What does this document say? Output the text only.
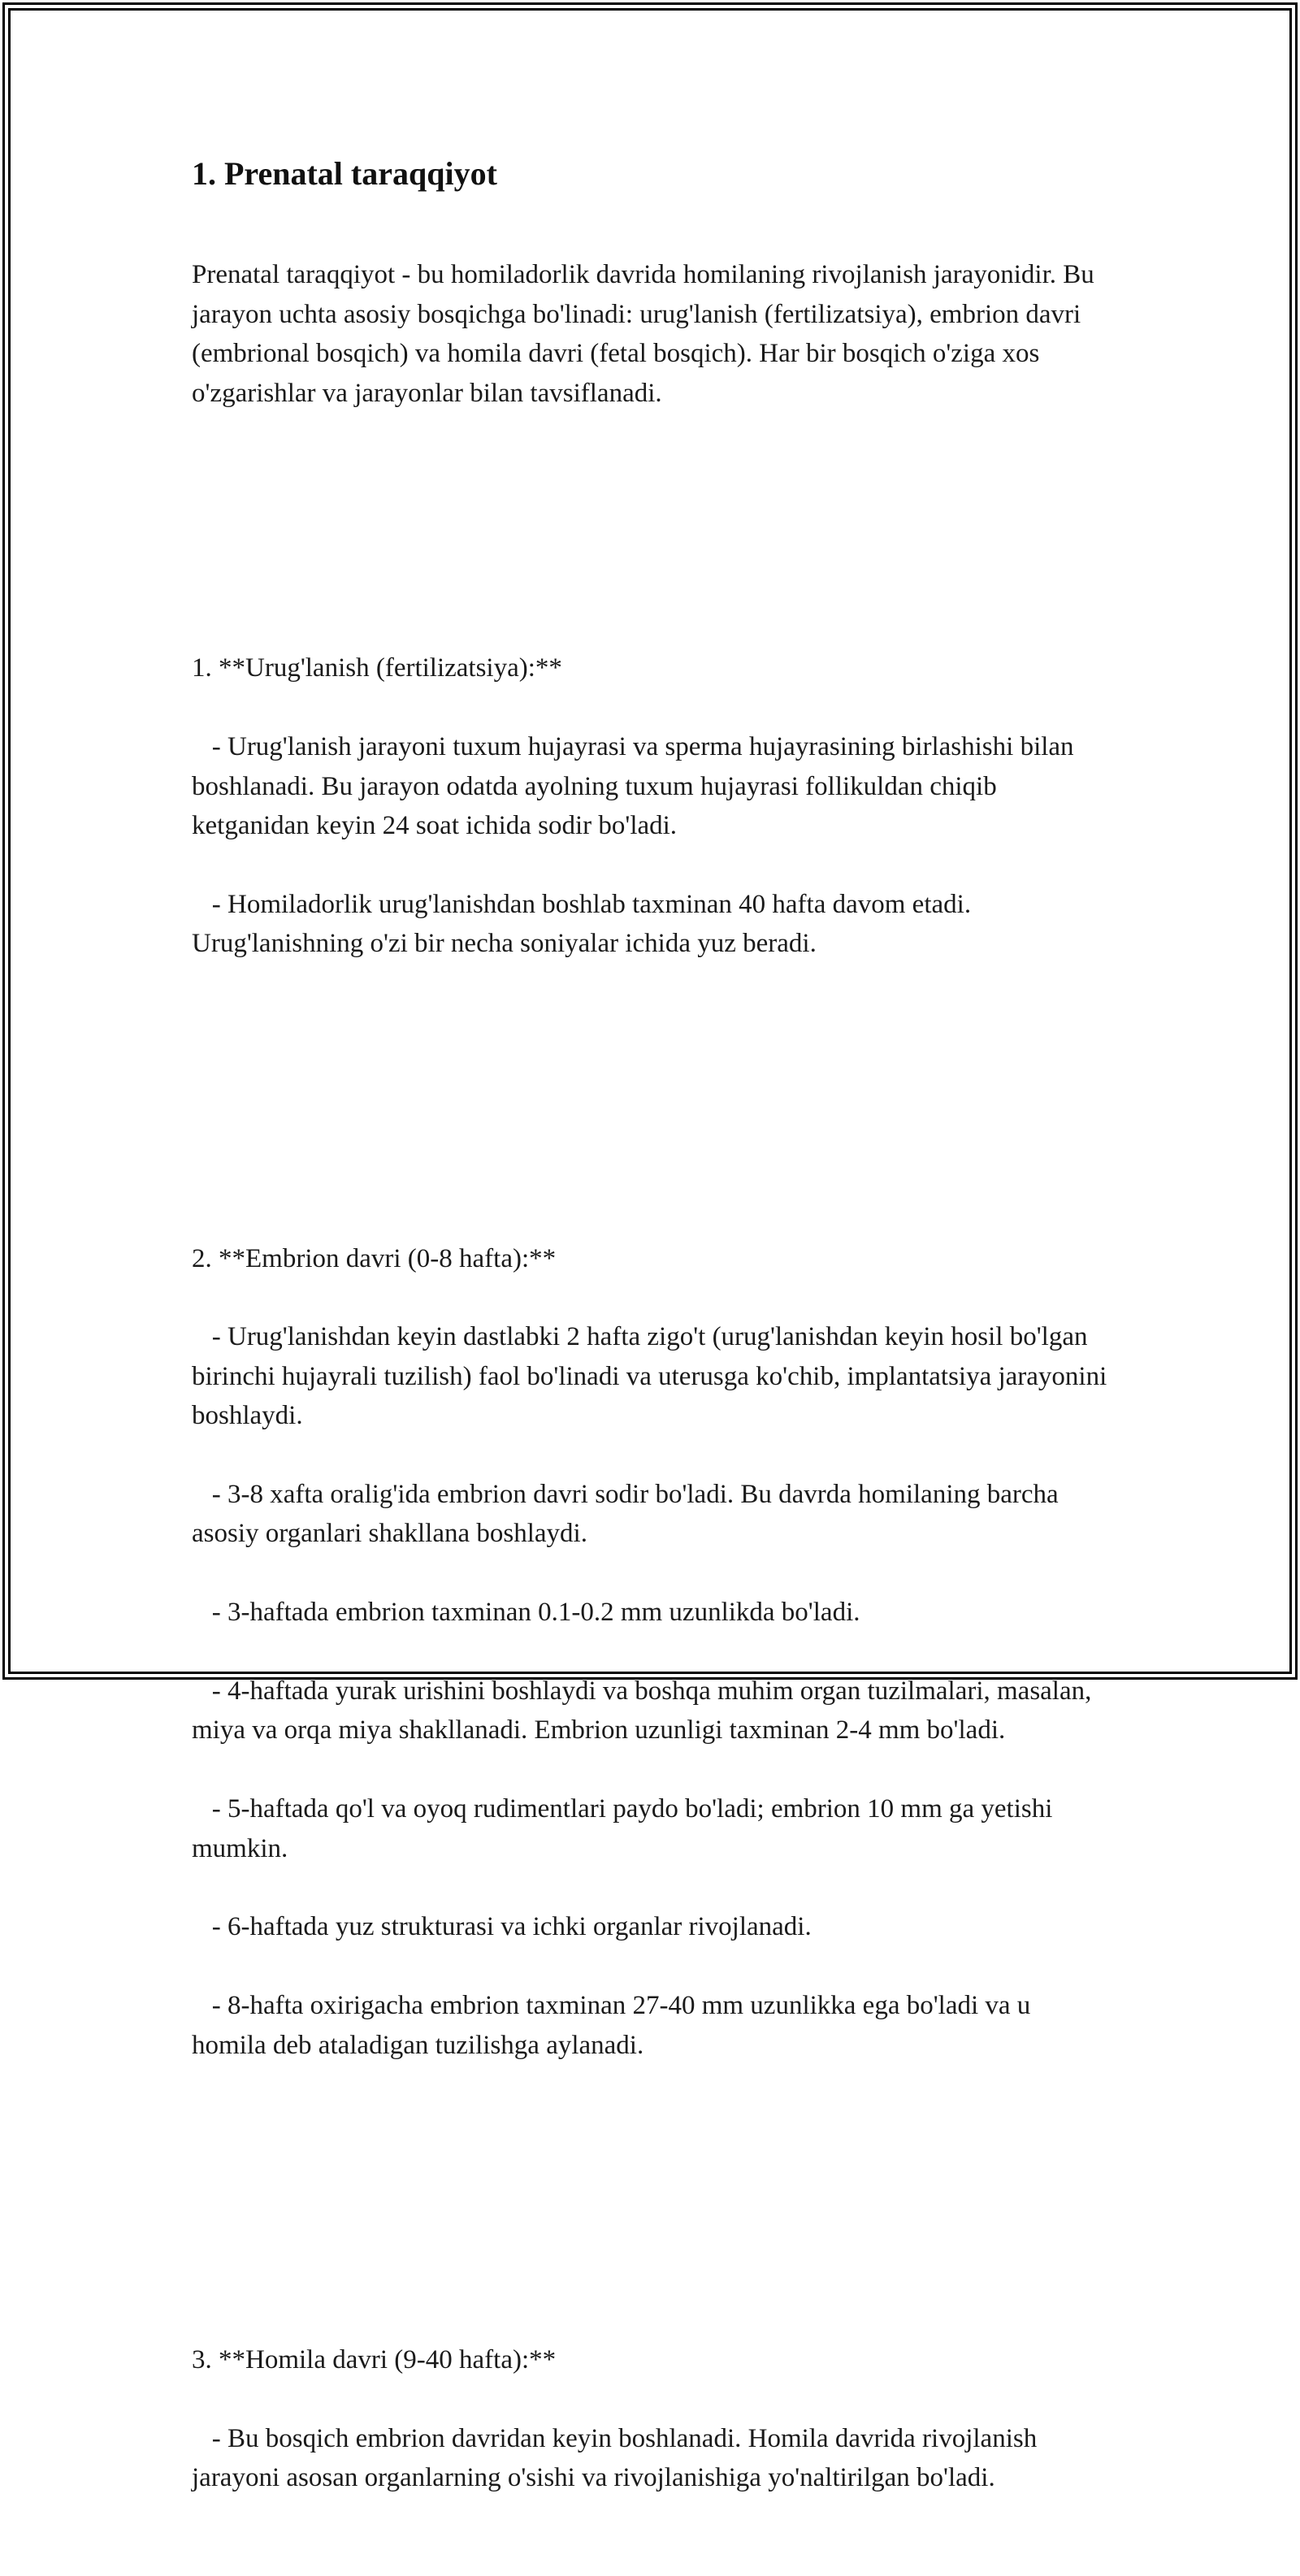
1. Prenatal taraqqiyot

Prenatal taraqqiyot - bu homiladorlik davrida homilaning rivojlanish jarayonidir. Bu jarayon uchta asosiy bosqichga bo'linadi: urug'lanish (fertilizatsiya), embrion davri (embrional bosqich) va homila davri (fetal bosqich). Har bir bosqich o'ziga xos o'zgarishlar va jarayonlar bilan tavsiflanadi.

1. **Urug'lanish (fertilizatsiya):**

- Urug'lanish jarayoni tuxum hujayrasi va sperma hujayrasining birlashishi bilan boshlanadi. Bu jarayon odatda ayolning tuxum hujayrasi follikuldan chiqib ketganidan keyin 24 soat ichida sodir bo'ladi.

- Homiladorlik urug'lanishdan boshlab taxminan 40 hafta davom etadi. Urug'lanishning o'zi bir necha soniyalar ichida yuz beradi.

2. **Embrion davri (0-8 hafta):**

- Urug'lanishdan keyin dastlabki 2 hafta zigo't (urug'lanishdan keyin hosil bo'lgan birinchi hujayrali tuzilish) faol bo'linadi va uterusga ko'chib, implantatsiya jarayonini boshlaydi.

- 3-8 xafta oralig'ida embrion davri sodir bo'ladi. Bu davrda homilaning barcha asosiy organlari shakllana boshlaydi.

- 3-haftada embrion taxminan 0.1-0.2 mm uzunlikda bo'ladi.

- 4-haftada yurak urishini boshlaydi va boshqa muhim organ tuzilmalari, masalan, miya va orqa miya shakllanadi. Embrion uzunligi taxminan 2-4 mm bo'ladi.

- 5-haftada qo'l va oyoq rudimentlari paydo bo'ladi; embrion 10 mm ga yetishi mumkin.

- 6-haftada yuz strukturasi va ichki organlar rivojlanadi.

- 8-hafta oxirigacha embrion taxminan 27-40 mm uzunlikka ega bo'ladi va u homila deb ataladigan tuzilishga aylanadi.

3. **Homila davri (9-40 hafta):**

- Bu bosqich embrion davridan keyin boshlanadi. Homila davrida rivojlanish jarayoni asosan organlarning o'sishi va rivojlanishiga yo'naltirilgan bo'ladi.
